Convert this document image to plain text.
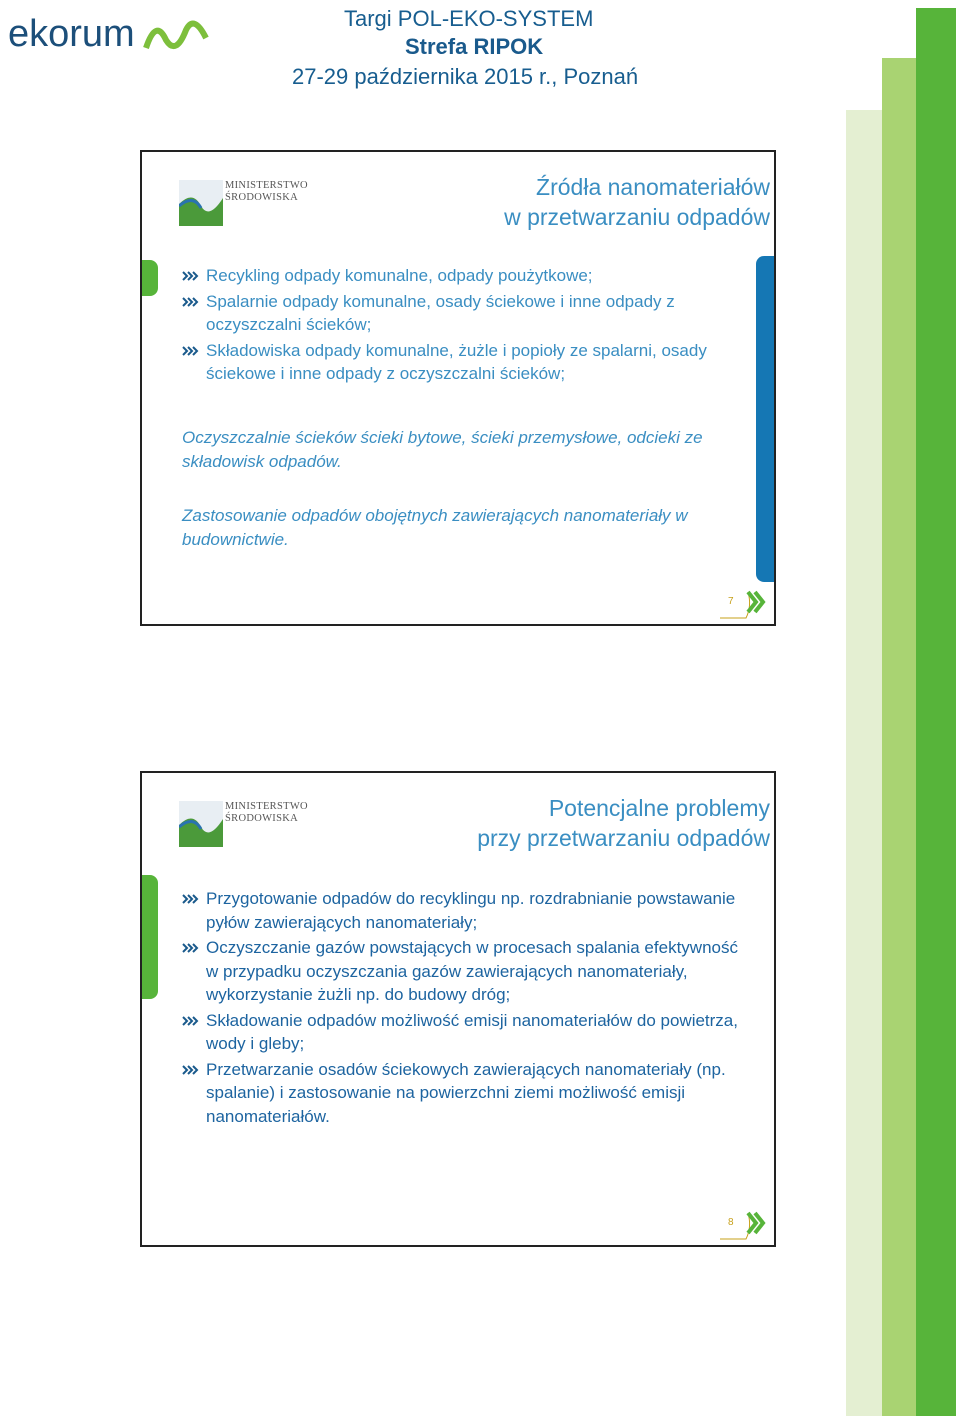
ekorum	Targi POL-EKO-SYSTEM
Strefa RIPOK
27-29 października 2015 r., Poznań
MINISTERSTWO
ŚRODOWISKA	Źródła nanomateriałów
w przetwarzaniu odpadów
Recykling odpady komunalne, odpady poużytkowe;
Spalarnie odpady komunalne, osady ściekowe i inne odpady z oczyszczalni ścieków;
Składowiska odpady komunalne, żużle i popioły ze spalarni, osady ściekowe i inne odpady z oczyszczalni ścieków;

Oczyszczalnie ścieków ścieki bytowe, ścieki przemysłowe, odcieki ze składowisk odpadów.

Zastosowanie odpadów obojętnych zawierających nanomateriały w budownictwie.

7
MINISTERSTWO
ŚRODOWISKA	Potencjalne problemy
przy przetwarzaniu odpadów
Przygotowanie odpadów do recyklingu np. rozdrabnianie powstawanie pyłów zawierających nanomateriały;
Oczyszczanie gazów powstających w procesach spalania efektywność w przypadku oczyszczania gazów zawierających nanomateriały, wykorzystanie żużli np. do budowy dróg;
Składowanie odpadów możliwość emisji nanomateriałów do powietrza, wody i gleby;
Przetwarzanie osadów ściekowych zawierających nanomateriały (np. spalanie) i zastosowanie na powierzchni ziemi możliwość emisji nanomateriałów.
8
